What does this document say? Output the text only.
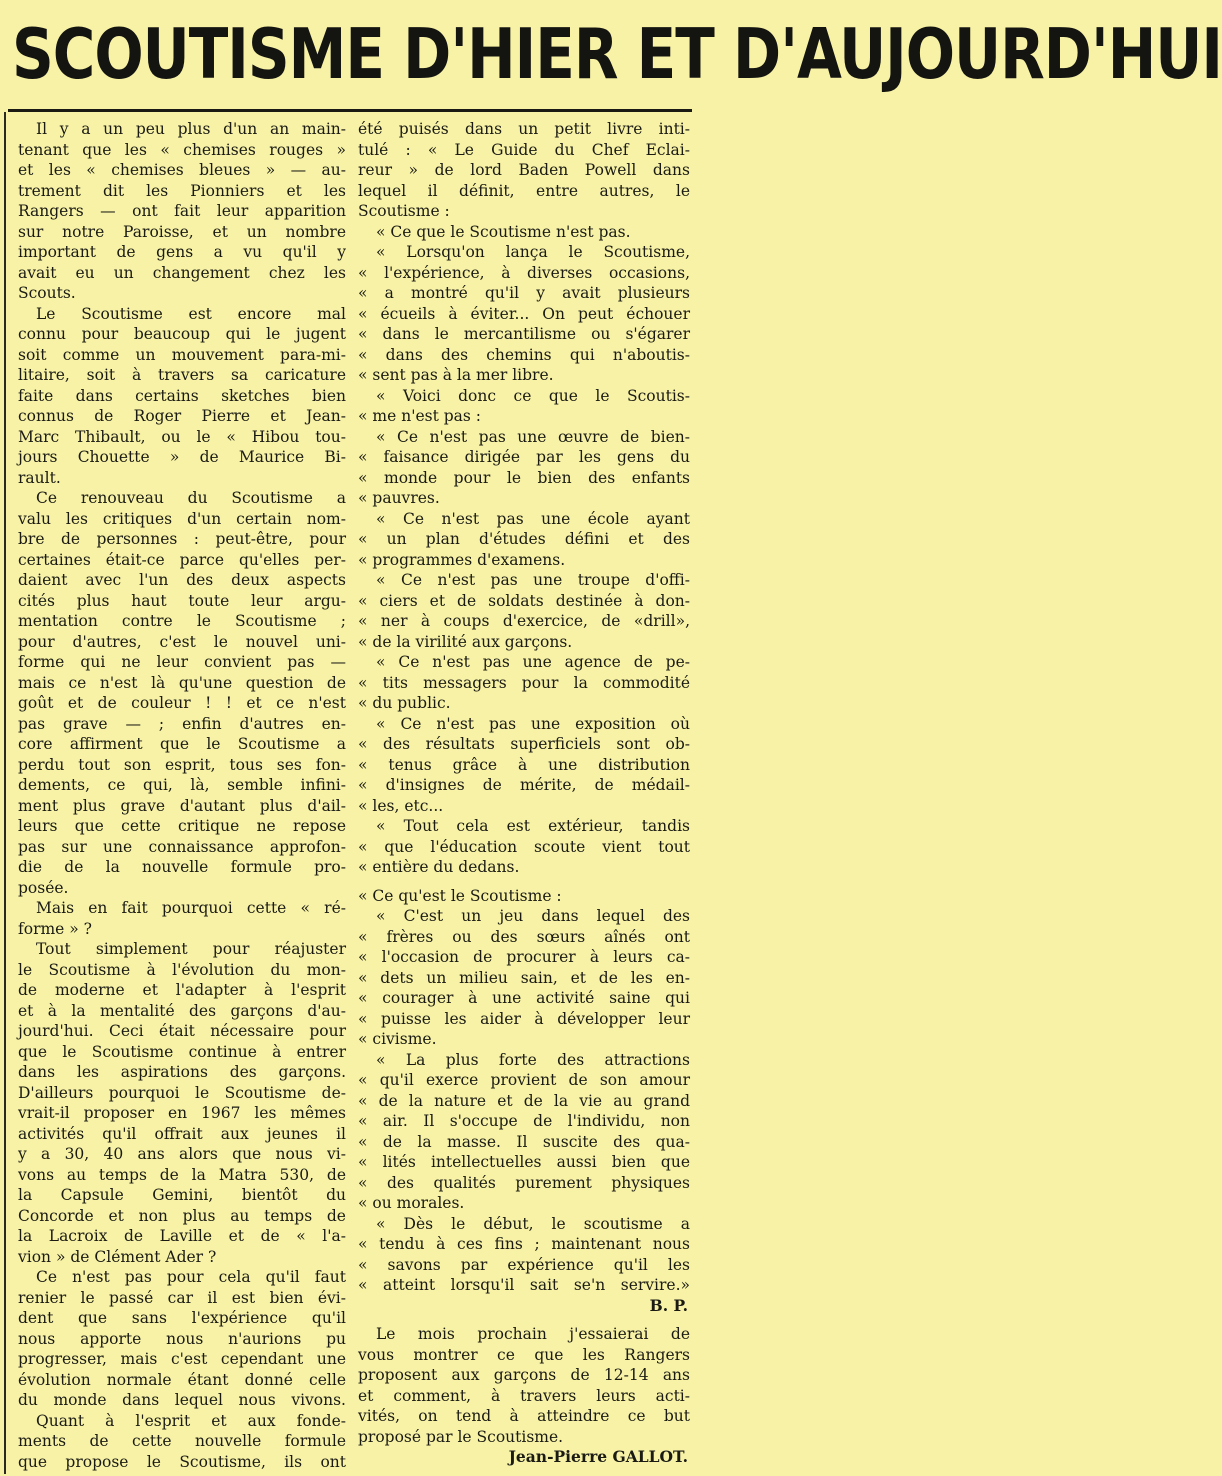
SCOUTISME D'HIER ET D'AUJOURD'HUI

Il y a un peu plus d'un an main-

tenant que les « chemises rouges »

et les « chemises bleues » — au-

trement dit les Pionniers et les

Rangers — ont fait leur apparition

sur notre Paroisse, et un nombre

important de gens a vu qu'il y

avait eu un changement chez les

Scouts.

Le Scoutisme est encore mal

connu pour beaucoup qui le jugent

soit comme un mouvement para-mi-

litaire, soit à travers sa caricature

faite dans certains sketches bien

connus de Roger Pierre et Jean-

Marc Thibault, ou le « Hibou tou-

jours Chouette » de Maurice Bi-

rault.

Ce renouveau du Scoutisme a

valu les critiques d'un certain nom-

bre de personnes : peut-être, pour

certaines était-ce parce qu'elles per-

daient avec l'un des deux aspects

cités plus haut toute leur argu-

mentation contre le Scoutisme ;

pour d'autres, c'est le nouvel uni-

forme qui ne leur convient pas —

mais ce n'est là qu'une question de

goût et de couleur ! ! et ce n'est

pas grave — ; enfin d'autres en-

core affirment que le Scoutisme a

perdu tout son esprit, tous ses fon-

dements, ce qui, là, semble infini-

ment plus grave d'autant plus d'ail-

leurs que cette critique ne repose

pas sur une connaissance approfon-

die de la nouvelle formule pro-

posée.

Mais en fait pourquoi cette « ré-

forme » ?

Tout simplement pour réajuster

le Scoutisme à l'évolution du mon-

de moderne et l'adapter à l'esprit

et à la mentalité des garçons d'au-

jourd'hui. Ceci était nécessaire pour

que le Scoutisme continue à entrer

dans les aspirations des garçons.

D'ailleurs pourquoi le Scoutisme de-

vrait-il proposer en 1967 les mêmes

activités qu'il offrait aux jeunes il

y a 30, 40 ans alors que nous vi-

vons au temps de la Matra 530, de

la Capsule Gemini, bientôt du

Concorde et non plus au temps de

la Lacroix de Laville et de « l'a-

vion » de Clément Ader ?

Ce n'est pas pour cela qu'il faut

renier le passé car il est bien évi-

dent que sans l'expérience qu'il

nous apporte nous n'aurions pu

progresser, mais c'est cependant une

évolution normale étant donné celle

du monde dans lequel nous vivons.

Quant à l'esprit et aux fonde-

ments de cette nouvelle formule

que propose le Scoutisme, ils ont

été puisés dans un petit livre inti-

tulé : « Le Guide du Chef Eclai-

reur » de lord Baden Powell dans

lequel il définit, entre autres, le

Scoutisme :

« Ce que le Scoutisme n'est pas.

« Lorsqu'on lança le Scoutisme,

« l'expérience, à diverses occasions,

« a montré qu'il y avait plusieurs

« écueils à éviter... On peut échouer

« dans le mercantilisme ou s'égarer

« dans des chemins qui n'aboutis-

« sent pas à la mer libre.

« Voici donc ce que le Scoutis-

« me n'est pas :

« Ce n'est pas une œuvre de bien-

« faisance dirigée par les gens du

« monde pour le bien des enfants

« pauvres.

« Ce n'est pas une école ayant

« un plan d'études défini et des

« programmes d'examens.

« Ce n'est pas une troupe d'offi-

« ciers et de soldats destinée à don-

« ner à coups d'exercice, de «drill»,

« de la virilité aux garçons.

« Ce n'est pas une agence de pe-

« tits messagers pour la commodité

« du public.

« Ce n'est pas une exposition où

« des résultats superficiels sont ob-

« tenus grâce à une distribution

« d'insignes de mérite, de médail-

« les, etc...

« Tout cela est extérieur, tandis

« que l'éducation scoute vient tout

« entière du dedans.

« Ce qu'est le Scoutisme :

« C'est un jeu dans lequel des

« frères ou des sœurs aînés ont

« l'occasion de procurer à leurs ca-

« dets un milieu sain, et de les en-

« courager à une activité saine qui

« puisse les aider à développer leur

« civisme.

« La plus forte des attractions

« qu'il exerce provient de son amour

« de la nature et de la vie au grand

« air. Il s'occupe de l'individu, non

« de la masse. Il suscite des qua-

« lités intellectuelles aussi bien que

« des qualités purement physiques

« ou morales.

« Dès le début, le scoutisme a

« tendu à ces fins ; maintenant nous

« savons par expérience qu'il les

« atteint lorsqu'il sait se'n servire.»

B. P.

Le mois prochain j'essaierai de

vous montrer ce que les Rangers

proposent aux garçons de 12-14 ans

et comment, à travers leurs acti-

vités, on tend à atteindre ce but

proposé par le Scoutisme.

Jean-Pierre GALLOT.
